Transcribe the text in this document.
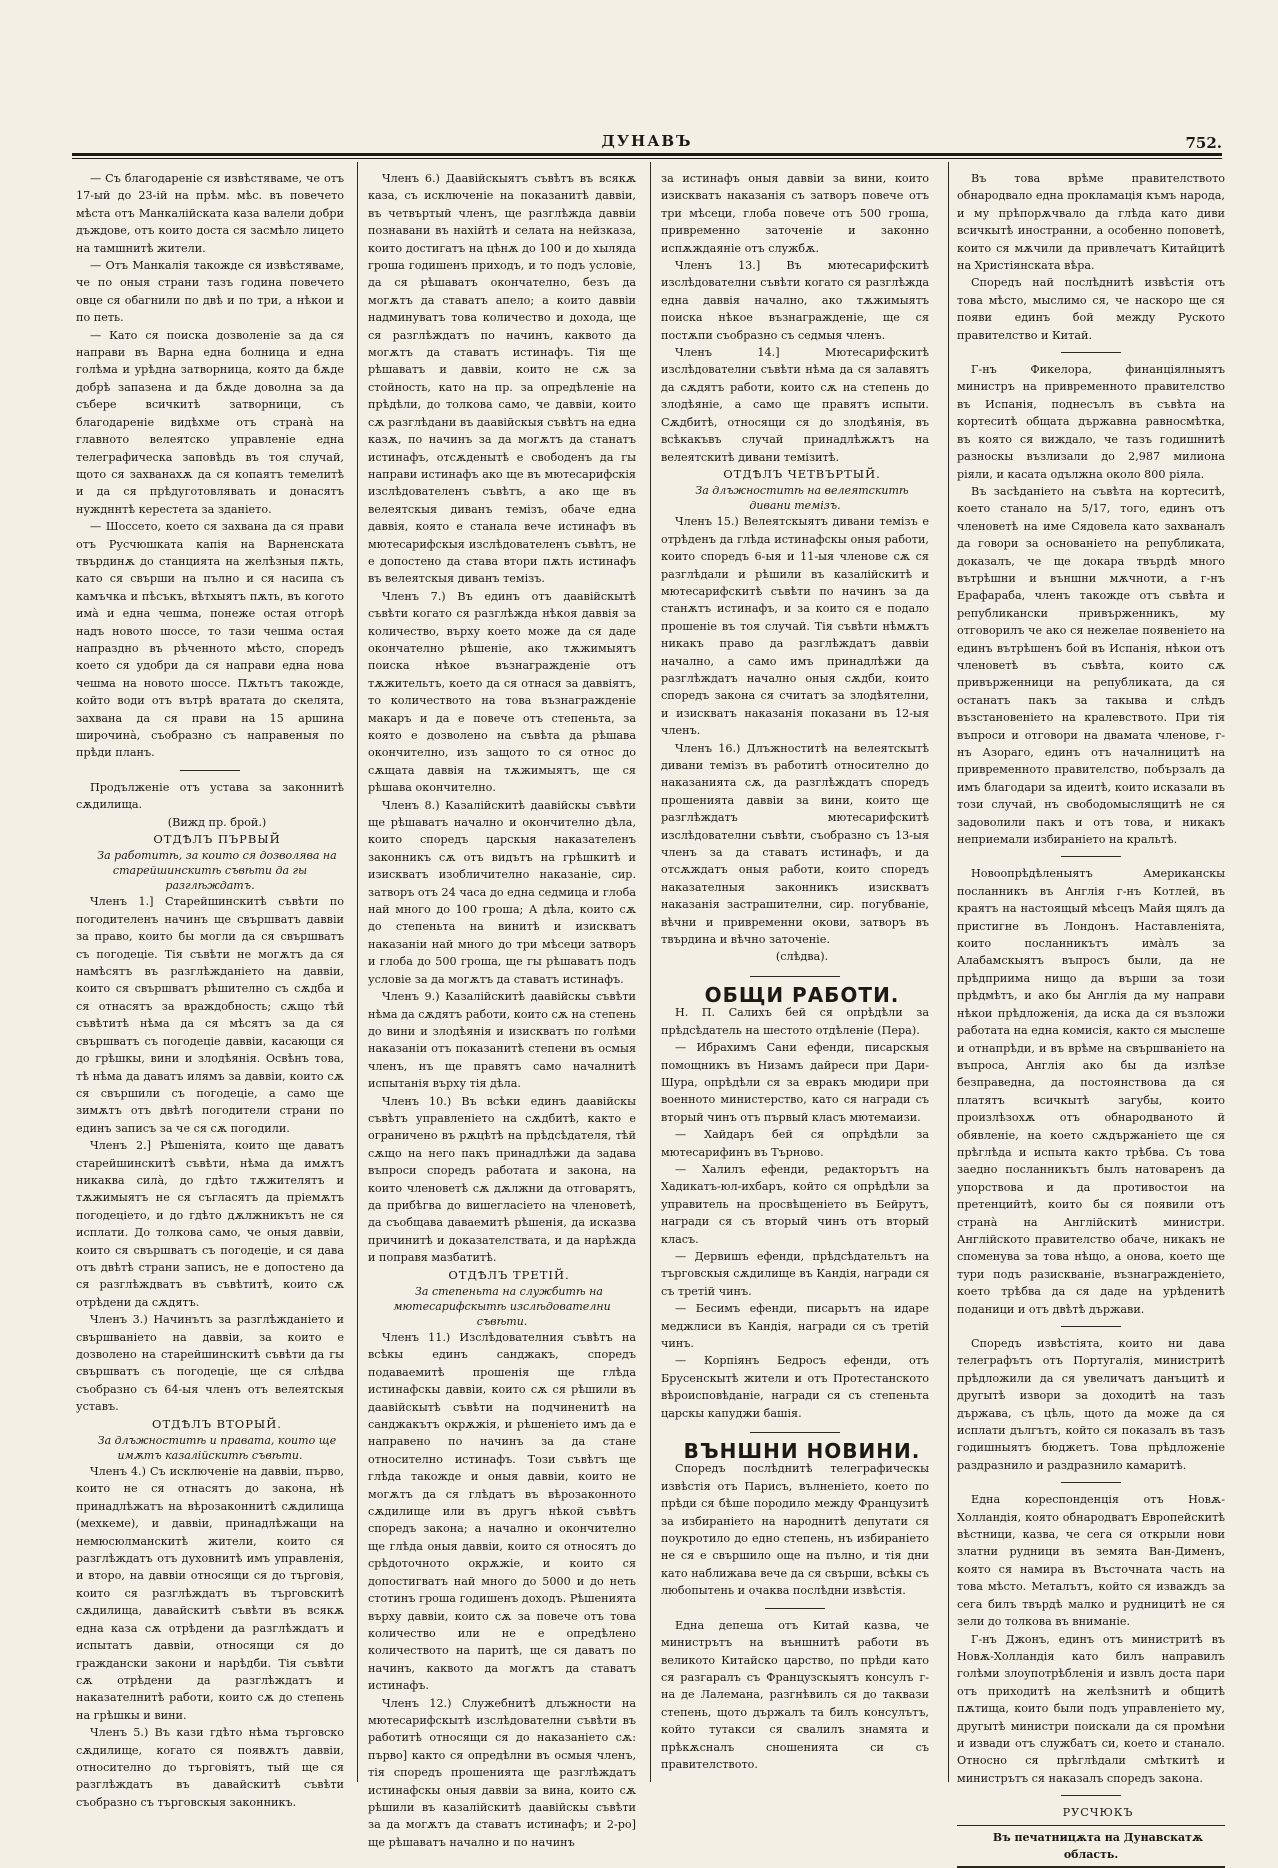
ДУНАВЪ	752.

— Съ благодареніе ся извѣстяваме, че отъ 17-ый до 23-ій на прѣм. мѣс. въ повечето мѣста отъ Манкалійската каза валели добри дъждове, отъ които доста ся засмѣло лицето на тамшнитѣ жители.

— Отъ Манкалія такожде ся извѣстявамe, че по оныя страни тазъ година повечето овце ся обагнили по двѣ и по три, а нѣкои и по петь.

— Като ся поиска дозволеніе за да ся направи въ Варна една болница и една голѣма и урѣдна затворница, която да бѫде добрѣ запазена и да бѫде доволна за да съберe всичкитѣ затворници, съ благодареніе видѣхме отъ странà на главното велеятско управленіе една телеграфическа заповѣдь въ тоя случай, щото ся захванахѫ да ся копаятъ темелитѣ и да ся прѣдуготовлявать и донасятъ нуждннтѣ керестета за зданіето.

— Шоссето, което ся захвана да ся прави отъ Русчюшката капія на Варненската твърдинѫ до станцията на желѣзныя пѫть, като ся свърши на пълно и ся насипа съ камъчка и пѣсъкъ, вѣтхыятъ пѫть, въ когото имà и една чешма, понеже остая отгорѣ надъ новото шоссе, то тази чешма остая напраздно въ рѣченното мѣсто, споредъ което ся удобри да ся направи една нова чешма на новото шоссе. Пѫтьтъ такожде, който води отъ вътрѣ вратата до скелята, захвана да ся прави на 15 аршина широчинà, съобразно съ направеныя по прѣди планъ.

Продълженіе отъ устава за законнитѣ сѫдилища.

(Вижд пр. брой.)

ОТДѢЛЪ ПЪРВЫЙ

За работитѣ, за които ся дозволява на старейшинскитѣ съвѣти да гы разглѣждатъ.

Членъ 1.] Старейшинскитѣ съвѣти по погодителенъ начинъ ще свършватъ даввіи за право, които бы могли да ся свършватъ съ погодеціе. Тія съвѣти не могѫтъ да ся намѣсятъ въ разглѣжданіето на даввіи, които ся свършватъ рѣшително съ сѫдба и ся отнасятъ за враждобность; сѫщо тѣй съвѣтитѣ нѣма да ся мѣсятъ за да ся свършватъ съ погодеціе даввіи, касающи ся до грѣшкы, вини и злодѣянія. Освѣнъ това, тѣ нѣма да даватъ илямъ за даввіи, които сѫ ся свършили съ погодеціе, а само ще зимѫтъ отъ двѣтѣ погодители страни по единъ записъ за че ся сѫ погодили.

Членъ 2.] Рѣшеніята, които ще даватъ старейшинскитѣ съвѣти, нѣма да имѫтъ никаква силà, до гдѣто тѫжителятъ и тѫжимыятъ не ся съгласятъ да пріемѫтъ погодеціето, и до гдѣто дѫлжникътъ не ся исплати. До толкова само, че оныя даввіи, които ся свършватъ съ погодеціе, и ся дава отъ двѣтѣ страни записъ, не е допостено да ся разглѣждватъ въ съвѣтитѣ, които сѫ отрѣдени да сѫдятъ.

Членъ 3.) Начинътъ за разглѣжданіето и свършваніето на даввіи, за които е дозволено на старейшинскитѣ съвѣти да гы свършватъ съ погодеціе, ще ся слѣдва съобразно съ 64-ыя членъ отъ велеятскыя уставъ.

ОТДѢЛЪ ВТОРЫЙ.

За длъжноститѣ и правата, които ще имѫтъ казалійскитѣ съвѣти.

Членъ 4.) Съ исключеніе на даввіи, първо, които не ся отнасятъ до закона, нѣ принадлѣжатъ на вѣрозаконнитѣ сѫдилища (мехкеме), и даввіи, принадлѣжащи на немюсюлманскитѣ жители, които ся разглѣждатъ отъ духовнитѣ имъ управленія, и второ, на даввіи относящи ся до търговія, които ся разглѣждатъ въ търговскитѣ сѫдилища, давайскитѣ съвѣти въ всякѫ една каза сѫ отрѣдени да разглѣждатъ и испытатъ даввіи, относящи ся до граждански закони и нарѣдби. Тія съвѣти сѫ отрѣдени да разглѣждатъ и наказателнитѣ работи, които сѫ до степень на грѣшкы и вини.

Членъ 5.) Въ кази гдѣто нѣма търговско сѫдилище, когато ся появѫтъ даввіи, относително до търговіятъ, тый ще ся разглѣждатъ въ давайскитѣ съвѣти съобразно съ търговскыя законникъ.

Членъ 6.) Даавійскыятъ съвѣтъ въ всякѫ каза, съ исключеніе на показанитѣ даввіи, въ четвъртый членъ, ще разглѣжда даввіи познавани въ нахійтѣ и селата на нейзказа, които достигатъ на цѣнѫ до 100 и до хыляда гроша годишенъ приходъ, и то подъ условіе, да ся рѣшаватъ окончателно, безъ да могѫтъ да ставатъ апело; а които даввіи надминуватъ това количество и дохода, ще ся разглѣждатъ по начинъ, каквото да могѫтъ да ставатъ истинафъ. Тія ще рѣшаватъ и даввіи, които не сѫ за стойность, като на пр. за опредѣленіе на прѣдѣли, до толкова само, че даввіи, които сѫ разглѣдани въ даавійскыя съвѣтъ на една казѫ, по начинъ за да могѫтъ да станатъ истинафъ, отсѫденытѣ е свободенъ да гы направи истинафъ ако ще въ мютесарифскія изслѣдователенъ съвѣтъ, а ако ще въ велеятскыя диванъ темізъ, обаче една даввія, която е станала вече истинафъ въ мютесарифскыя изслѣдователенъ съвѣтъ, не е допостено да става втори пѫть истинафъ въ велеятскыя диванъ темізъ.

Членъ 7.) Въ единъ отъ даавійскытѣ съвѣти когато ся разглѣжда нѣкоя даввія за количество, върху което може да ся даде окончателно рѣшеніе, ако тѫжимыятъ поиска нѣкое възнагражденіе отъ тѫжительтъ, което да ся отнася за даввіятъ, то количеството на това възнагражденіе макаръ и да е повече отъ степеньта, за която е дозволено на съвѣта да рѣшава окончително, изъ защото то ся относ до сѫщата даввія на тѫжимыятъ, ще ся рѣшава окончително.

Членъ 8.) Казалійскитѣ даавійскы съвѣти ще рѣшаватъ начално и окончително дѣла, които споредъ царскыя наказателенъ законникъ сѫ отъ видътъ на грѣшкитѣ и изискватъ изобличително наказаніе, сир. затворъ отъ 24 часа до една седмица и глоба най много до 100 гроша; А дѣла, които сѫ до степеньта на винитѣ и изискватъ наказаніи най много до три мѣсеци затворъ и глоба до 500 гроша, ще гы рѣшаватъ подъ условіе за да могѫтъ да ставатъ истинафъ.

Членъ 9.) Казалійскитѣ даавійскы съвѣти нѣма да сѫдятъ работи, които сѫ на степень до вини и злодѣянія и изискватъ по голѣми наказаніи отъ показанитѣ степени въ осмыя членъ, нъ ще правятъ само началнитѣ испытанія върху тія дѣла.

Членъ 10.) Въ всѣки единъ даавійскы съвѣтъ управленіето на сѫдбитѣ, както е ограничено въ рѫцѣтѣ на прѣдсѣдателя, тѣй сѫщо на него пакъ принадлѣжи да задава въпроси споредъ работата и закона, на които членоветѣ сѫ дѫлжни да отговарятъ, да прибѣгва до вишегласіето на членоветѣ, да съобщава даваемитѣ рѣшенія, да исказва причинитѣ и доказателствата, и да нарѣжда и поправя мазбатитѣ.

ОТДѢЛЪ ТРЕТІЙ.

За степеньта на службитѣ на мютесарифскытѣ изслѣдователни съвѣти.

Членъ 11.) Изслѣдователния съвѣтъ на всѣкы единъ санджакъ, споредъ подаваемитѣ прошенія ще глѣда истинафскы даввіи, които сѫ ся рѣшили въ даавійскытѣ съвѣти на подчиненитѣ на санджакътъ окрѫжія, и рѣшеніето имъ да е направено по начинъ за да стане относително истинафъ. Този съвѣтъ ще глѣда такожде и оныя даввіи, които не могѫтъ да ся глѣдатъ въ вѣрозаконното сѫдилище или въ другъ нѣкой съвѣтъ споредъ закона; а начално и окончително ще глѣда оныя даввіи, които ся относятъ до срѣдоточното окрѫжіе, и които ся допостигватъ най много до 5000 и до неть стотинъ гроша годишенъ доходъ. Рѣшенията върху даввіи, които сѫ за повече отъ това количество или не е опредѣлено количеството на паритѣ, ще ся даватъ по начинъ, каквото да могѫтъ да ставатъ истинафъ.

Членъ 12.) Служебнитѣ длъжности на мютесарифскытѣ изслѣдователни съвѣти въ работитѣ относящи ся до наказаніето сѫ: първо] както ся опредѣлни въ осмыя членъ, тія споредъ прошенията ще разглѣждатъ истинафскы оныя даввіи за вина, които сѫ рѣшили въ казалійскитѣ даавійскы съвѣти за да могѫтъ да ставатъ истинафъ; и 2-ро] ще рѣшаватъ начално и по начинъ

за истинафъ оныя даввіи за вини, които изискватъ наказанія съ затворъ повече отъ три мѣсеци, глоба повече отъ 500 гроша, привременно заточеніе и законно испѫждаяніе отъ службѫ.

Членъ 13.] Въ мютесарифскитѣ изслѣдователни съвѣти когато ся разглѣжда една даввія начално, ако тѫжимыятъ поиска нѣкое възнагражденіе, ще ся постѫпи съобразно съ седмыя членъ.

Членъ 14.] Мютесарифскитѣ изслѣдователни съвѣти нѣма да ся залавятъ да сѫдятъ работи, които сѫ на степень до злодѣяніе, а само ще правятъ испыти. Сѫдбитѣ, относящи ся до злодѣянія, въ всѣкакъвъ случай принадлѣжѫтъ на велеятскитѣ дивани темізитѣ.

ОТДѢЛЪ ЧЕТВЪРТЫЙ.

За длъжноститѣ на велеятскитѣ дивани темізъ.

Членъ 15.) Велеятскыятъ дивани темізъ е отрѣденъ да глѣда истинафскы оныя работи, които споредъ 6-ыя и 11-ыя членове сѫ ся разглѣдали и рѣшили въ казалійскитѣ и мютесарифскитѣ съвѣти по начинъ за да станѫтъ истинафъ, и за които ся е подало прошеніе въ тоя случай. Тія съвѣти нѣмѫтъ никакъ право да разглѣждатъ даввіи начално, а само имъ принадлѣжи да разглѣждатъ начално оныя сѫдби, които споредъ закона ся считатъ за злодѣятелни, и изискватъ наказанія показани въ 12-ыя членъ.

Членъ 16.) Длъжноститѣ на велеятскытѣ дивани темізъ въ работитѣ относително до наказанията сѫ, да разглѣждатъ споредъ прошенията даввіи за вини, които ще разглѣждатъ мютесарифскитѣ изслѣдователни съвѣти, съобразно съ 13-ыя членъ за да ставатъ истинафъ, и да отсѫждатъ оныя работи, които споредъ наказателныя законникъ изискватъ наказанія застрашителни, сир. погубваніе, вѣчни и привременни окови, затворъ въ твърдина и вѣчно заточеніе.

(слѣдва).

ОБЩИ РАБОТИ.

Н. П. Салихъ бей ся опрѣдѣли за прѣдсѣдатель на шестото отдѣленіе (Пера).

— Ибрахимъ Сани ефенди, писарскыя помощникъ въ Низамъ дайреси при Дари-Шура, опрѣдѣли ся за евракъ мюдири при военното министерство, като ся награди съ вторый чинъ отъ първый класъ мютемаизи.

— Хайдаръ бей ся опрѣдѣли за мютесарифинъ въ Търново.

— Халилъ ефенди, редакторътъ на Хадикатъ-юл-ихбаръ, който ся опрѣдѣли за управитель на просвѣщеніето въ Бейрутъ, награди ся съ вторый чинъ отъ вторый класъ.

— Дервишъ ефенди, прѣдсѣдательтъ на търговскыя сѫдилище въ Кандія, награди ся съ третій чинъ.

— Бесимъ ефенди, писарьтъ на идаре меджлиси въ Кандія, награди ся съ третій чинъ.

— Корпіянъ Бедросъ ефенди, отъ Брусенскытѣ жители и отъ Протестанското вѣроисповѣданіе, награди ся съ степеньта царскы капуджи башія.

ВЪНШНИ НОВИНИ.

Споредъ послѣднитѣ телеграфическы извѣстія отъ Парисъ, вълненіето, което по прѣди ся бѣше породило между Французитѣ за избираніето на народнитѣ депутати ся поукротило до едно степень, нъ избираніето не ся е свършило още на пълно, и тія дни като наближава вече да ся свърши, всѣкы съ любопытень и очаква послѣдни извѣстія.

Една депеша отъ Китай казва, че министрътъ на външнитѣ работи въ великото Китайско царство, по прѣди като ся разгаралъ съ Французскыятъ консулъ г-на де Лалемана, разгнѣвилъ ся до таквази степень, щото държалъ та билъ консулътъ, който тутакси ся свалилъ знамята и прѣкѫсналъ сношенията си съ правителството.

Въ това врѣме правителството обнародвало една прокламація къмъ народа, и му прѣпорѫчвало да глѣда като диви всичкытѣ иностранни, а особенно поповетѣ, които ся мѫчили да привлечатъ Китайцитѣ на Христіянската вѣра.

Споредъ най послѣднитѣ извѣстія отъ това мѣсто, мыслимо ся, че наскоро ще ся появи единъ бой между Руското правителство и Китай.

Г-нъ Фикелора, финанціялныятъ министръ на привременното правителство въ Испанія, поднесълъ въ съвѣта на кортеситѣ общата държавна равносмѣтка, въ която ся виждало, че тазъ годишнитѣ разноскы възлизали до 2,987 милиона ріяли, и касата одължна около 800 ріяла.

Въ засѣданіето на съвѣта на кортеситѣ, което станало на 5/17, того, единъ отъ членоветѣ на име Сядовела като захваналъ да говори за основаніето на републиката, доказалъ, че ще докара твърдѣ много вътрѣшни и външни мѫчноти, а г-нъ Ерафараба, членъ такожде отъ съвѣта и републикански привърженникъ, му отговорилъ че ако ся нежелае появеніето на единъ вътрѣшенъ бой въ Испанія, нѣкои отъ членоветѣ въ съвѣта, които сѫ привърженници на републиката, да ся останатъ пакъ за такыва и слѣдъ възстановеніето на кралевството. При тія въпроси и отговори на двамата членове, г-нъ Азораго, единъ отъ началницитѣ на привременното правителство, побързалъ да имъ благодари за идеитѣ, които исказали въ този случай, нъ свободомыслящитѣ не ся задоволили пакъ и отъ това, и никакъ неприемали избираніето на кральтѣ.

Новоопрѣдѣленыятъ Американскы посланникъ въ Англія г-нъ Котлей, въ краятъ на настоящый мѣсецъ Майя щялъ да пристигне въ Лондонъ. Наставленіята, които посланникътъ имàлъ за Алабамскыятъ въпросъ были, да не прѣдприима нищо да върши за този прѣдмѣтъ, и ако бы Англія да му направи нѣкои прѣдложенія, да иска да ся възложи работата на една комисія, както ся мыслеше и отнапрѣди, и въ врѣме на свършваніето на въпроса, Англія ако бы да излѣзе безправедна, да постоянствова да ся платятъ всичкытѣ загубы, които произлѣзохѫ отъ обнародваното й обявленіе, на което сѫдържаніето ще ся прѣглѣда и испыта както трѣбва. Съ това заедно посланникътъ былъ натоваренъ да упорствова и да противостои на претенцийтѣ, които бы ся появили отъ странà на Англійскитѣ министри. Англійското правителство обаче, никакъ не споменува за това нѣщо, а онова, което ще тури подъ разискваніе, възнагражденіето, което трѣбва да ся даде на урѣденитѣ поданици и отъ двѣтѣ държави.

Споредъ извѣстіята, които ни дава телеграфътъ отъ Португалія, министритѣ прѣдложили да ся увеличатъ данъцитѣ и другытѣ извори за доходитѣ на тазъ държава, съ цѣль, щото да може да ся исплати дългътъ, който ся показалъ въ тазъ годишныятъ бюджетъ. Това прѣдложеніе раздразнило и раздразнило камаритѣ.

Една кореспонденція отъ Новѫ-Холландія, която обнародватъ Европейскитѣ вѣстници, казва, че сега ся открыли нови златни рудници въ земята Ван-Дименъ, която ся намира въ Въсточната часть на това мѣсто. Металътъ, който ся изваждъ за сега билъ твърдѣ малко и рудницитѣ не ся зели до толкова въ вниманіе.

Г-нъ Джонъ, единъ отъ министритѣ въ Новѫ-Холландія като билъ направилъ голѣми злоупотрѣбленія и извлъ доста пари отъ приходитѣ на желѣзнитѣ и общитѣ пѫтища, които были подъ управленіето му, другытѣ министри поискали да ся промѣни и извади отъ службатъ си, което и станало. Относно ся прѣглѣдали смѣткитѣ и министрътъ ся наказалъ споредъ закона.

РУСЧЮКЪ

Въ печатницѫта на Дунавскатѫ область.
